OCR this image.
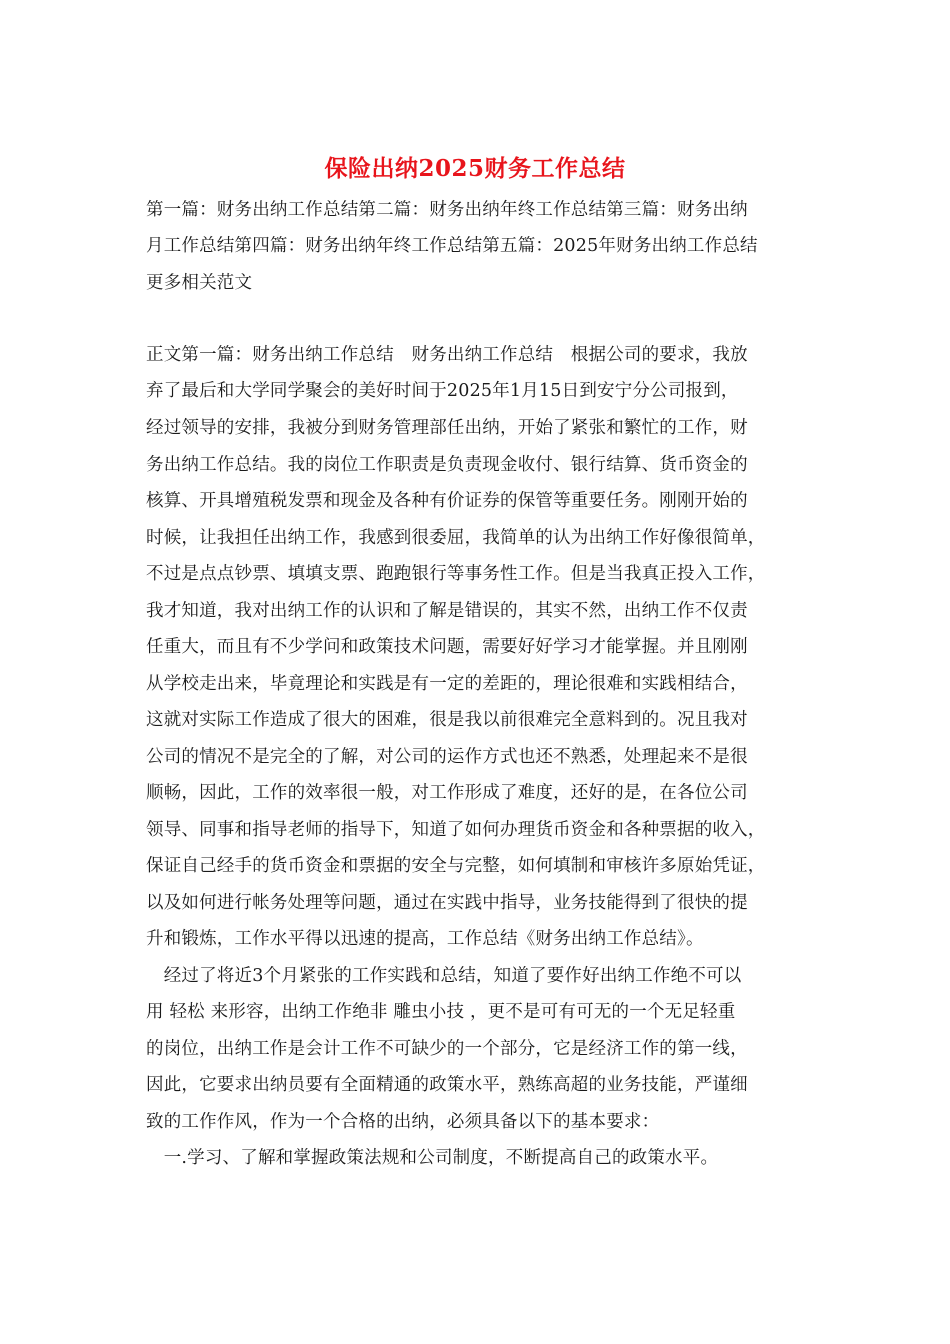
保险出纳2025财务工作总结
第一篇：财务出纳工作总结第二篇：财务出纳年终工作总结第三篇：财务出纳
月工作总结第四篇：财务出纳年终工作总结第五篇：2025年财务出纳工作总结
更多相关范文
正文第一篇：财务出纳工作总结　财务出纳工作总结　根据公司的要求，我放
弃了最后和大学同学聚会的美好时间于2025年1月15日到安宁分公司报到，
经过领导的安排，我被分到财务管理部任出纳，开始了紧张和繁忙的工作，财
务出纳工作总结。我的岗位工作职责是负责现金收付、银行结算、货币资金的
核算、开具增殖税发票和现金及各种有价证券的保管等重要任务。刚刚开始的
时候，让我担任出纳工作，我感到很委屈，我简单的认为出纳工作好像很简单，
不过是点点钞票、填填支票、跑跑银行等事务性工作。但是当我真正投入工作，
我才知道，我对出纳工作的认识和了解是错误的，其实不然，出纳工作不仅责
任重大，而且有不少学问和政策技术问题，需要好好学习才能掌握。并且刚刚
从学校走出来，毕竟理论和实践是有一定的差距的，理论很难和实践相结合，
这就对实际工作造成了很大的困难，很是我以前很难完全意料到的。况且我对
公司的情况不是完全的了解，对公司的运作方式也还不熟悉，处理起来不是很
顺畅，因此，工作的效率很一般，对工作形成了难度，还好的是，在各位公司
领导、同事和指导老师的指导下，知道了如何办理货币资金和各种票据的收入，
保证自己经手的货币资金和票据的安全与完整，如何填制和审核许多原始凭证，
以及如何进行帐务处理等问题，通过在实践中指导，业务技能得到了很快的提
升和锻炼，工作水平得以迅速的提高，工作总结《财务出纳工作总结》。
　经过了将近3个月紧张的工作实践和总结，知道了要作好出纳工作绝不可以
用 轻松 来形容，出纳工作绝非 雕虫小技 ，更不是可有可无的一个无足轻重
的岗位，出纳工作是会计工作不可缺少的一个部分，它是经济工作的第一线，
因此，它要求出纳员要有全面精通的政策水平，熟练高超的业务技能，严谨细
致的工作作风，作为一个合格的出纳，必须具备以下的基本要求：
　一.学习、了解和掌握政策法规和公司制度，不断提高自己的政策水平。
